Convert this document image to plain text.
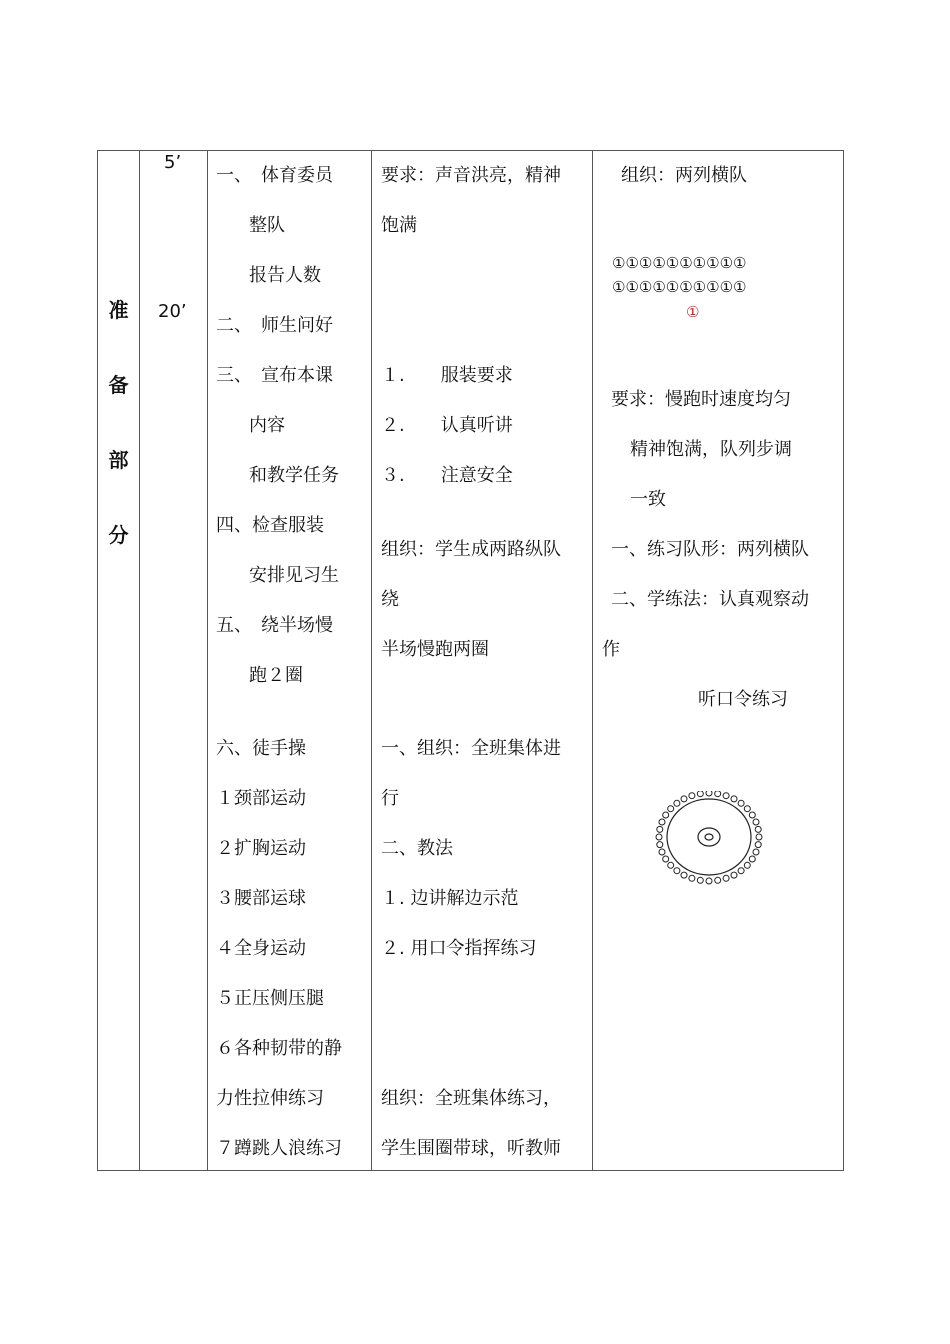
准
备
部
分
5’
20’
一、　体育委员
整队
报告人数
二、　师生问好
三、　宣布本课
内容
和教学任务
四、检查服装
安排见习生
五、　绕半场慢
跑２圈
六、徒手操
１颈部运动
２扩胸运动
３腰部运球
４全身运动
５正压侧压腿
６各种韧带的静
力性拉伸练习
７蹲跳人浪练习
要求：声音洪亮，精神
饱满
１.　　服装要求
２.　　认真听讲
３.　　注意安全
组织：学生成两路纵队
绕
半场慢跑两圈
一、组织：全班集体进
行
二、教法
１. 边讲解边示范
２. 用口令指挥练习
组织：全班集体练习，
学生围圈带球，听教师
组织：两列横队
①①①①①①①①①①
①①①①①①①①①①
①
要求：慢跑时速度均匀
精神饱满，队列步调
一致
一、练习队形：两列横队
二、学练法：认真观察动
作
听口令练习
